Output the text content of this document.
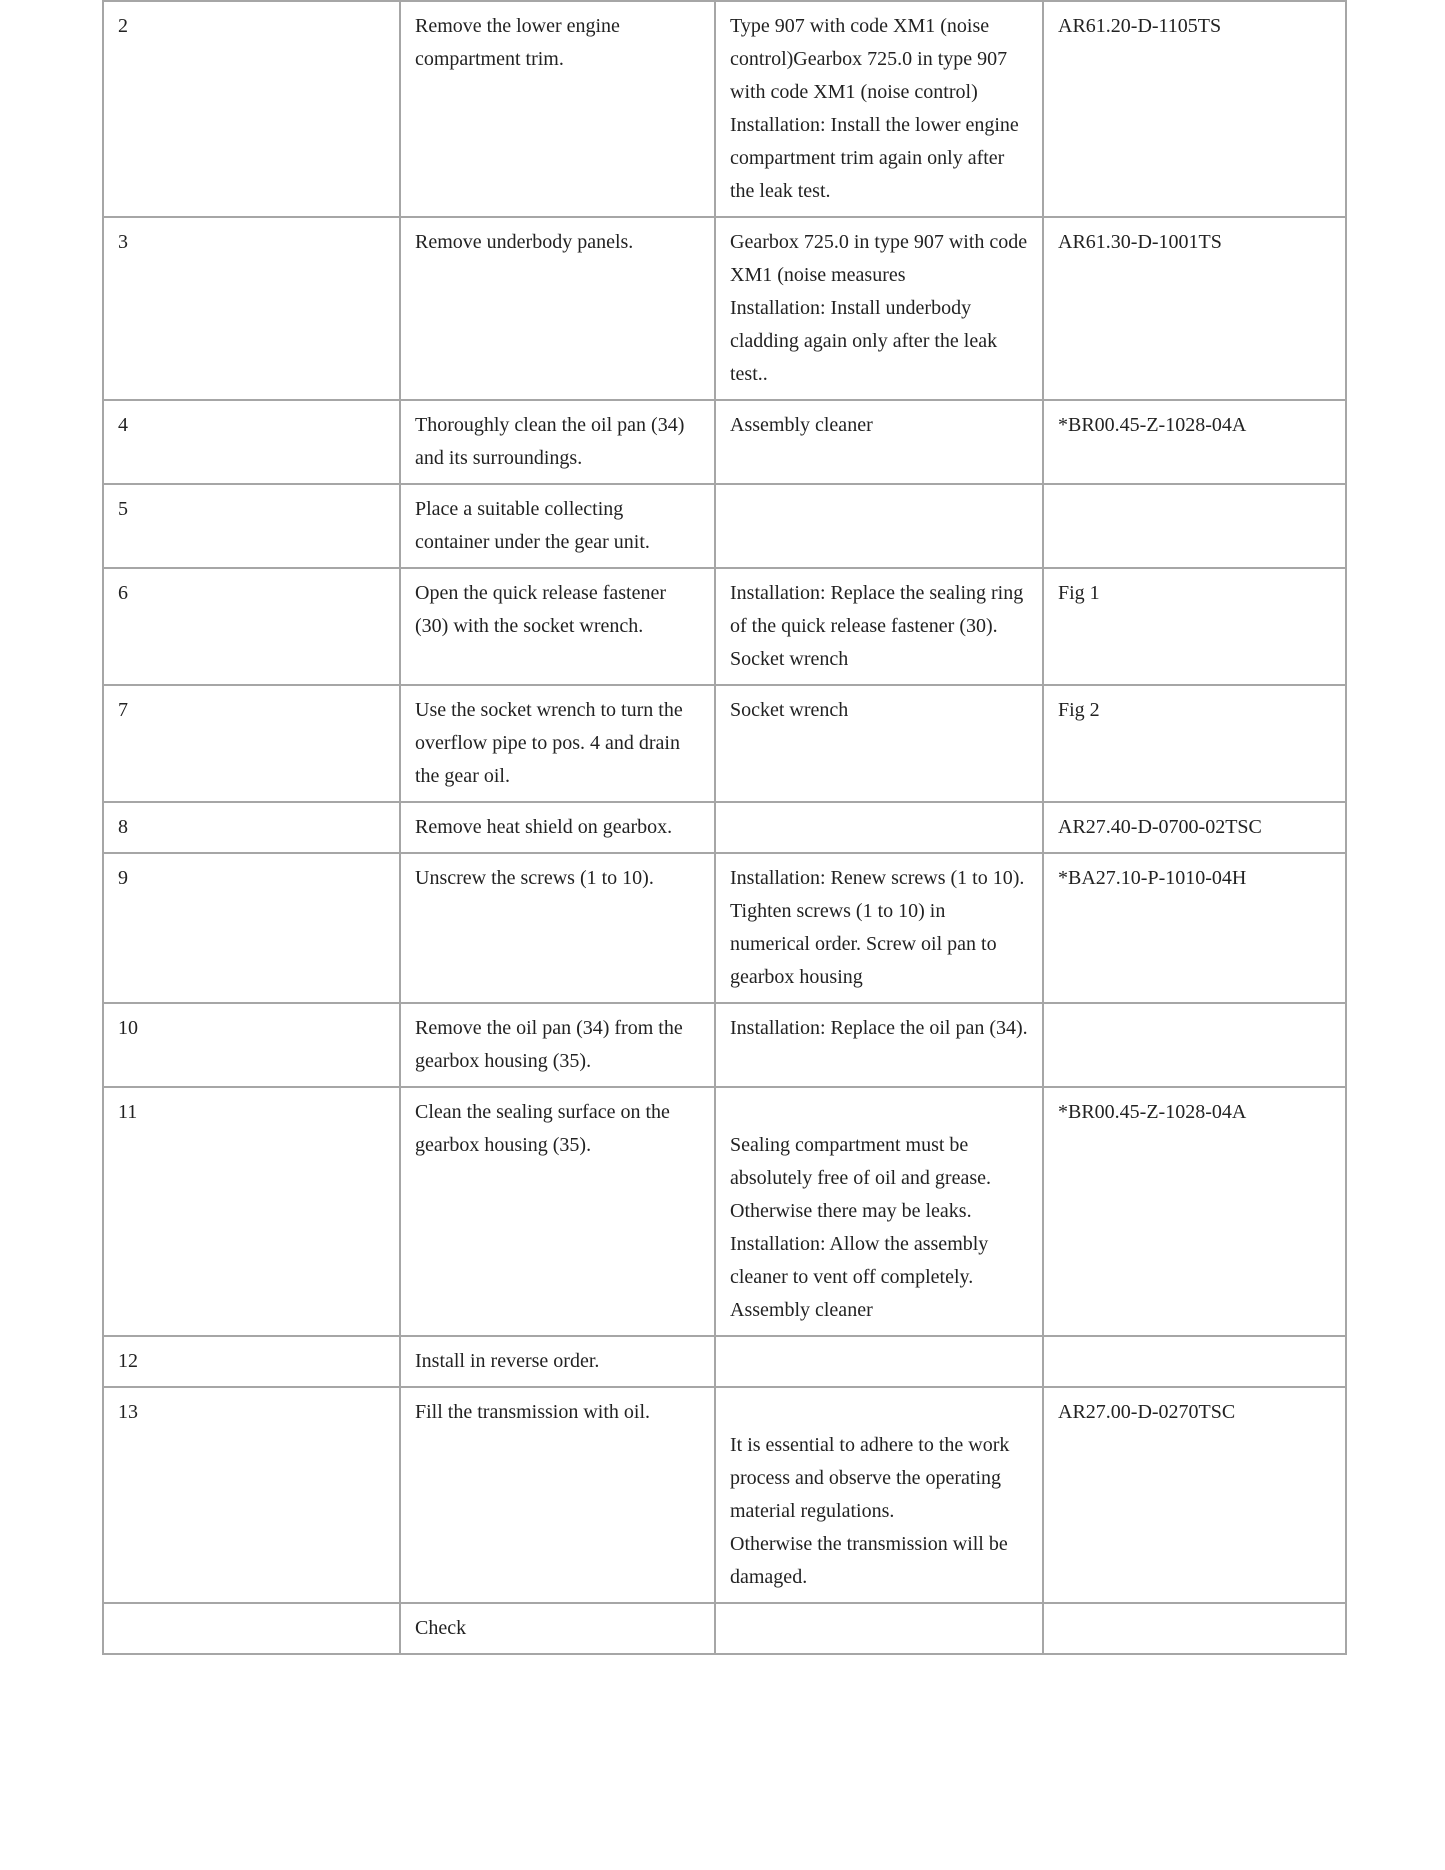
2	Remove the lower engine compartment trim.	Type 907 with code XM1 (noise control)Gearbox 725.0 in type 907 with code XM1 (noise control)
Installation: Install the lower engine compartment trim again only after the leak test.	AR61.20-D-1105TS
3	Remove underbody panels.	Gearbox 725.0 in type 907 with code XM1 (noise measures
Installation: Install underbody cladding again only after the leak test..	AR61.30-D-1001TS
4	Thoroughly clean the oil pan (34) and its surroundings.	Assembly cleaner	*BR00.45-Z-1028-04A
5	Place a suitable collecting container under the gear unit.		
6	Open the quick release fastener (30) with the socket wrench.	Installation: Replace the sealing ring of the quick release fastener (30). Socket wrench	Fig 1
7	Use the socket wrench to turn the overflow pipe to pos. 4 and drain the gear oil.	Socket wrench	Fig 2
8	Remove heat shield on gearbox.		AR27.40-D-0700-02TSC
9	Unscrew the screws (1 to 10).	Installation: Renew screws (1 to 10). Tighten screws (1 to 10) in numerical order. Screw oil pan to gearbox housing	*BA27.10-P-1010-04H
10	Remove the oil pan (34) from the gearbox housing (35).	Installation: Replace the oil pan (34).	
11	Clean the sealing surface on the gearbox housing (35).	Sealing compartment must be absolutely free of oil and grease. Otherwise there may be leaks.
Installation: Allow the assembly cleaner to vent off completely. Assembly cleaner	*BR00.45-Z-1028-04A
12	Install in reverse order.		
13	Fill the transmission with oil.	It is essential to adhere to the work process and observe the operating material regulations.
Otherwise the transmission will be damaged.	AR27.00-D-0270TSC
	Check		
